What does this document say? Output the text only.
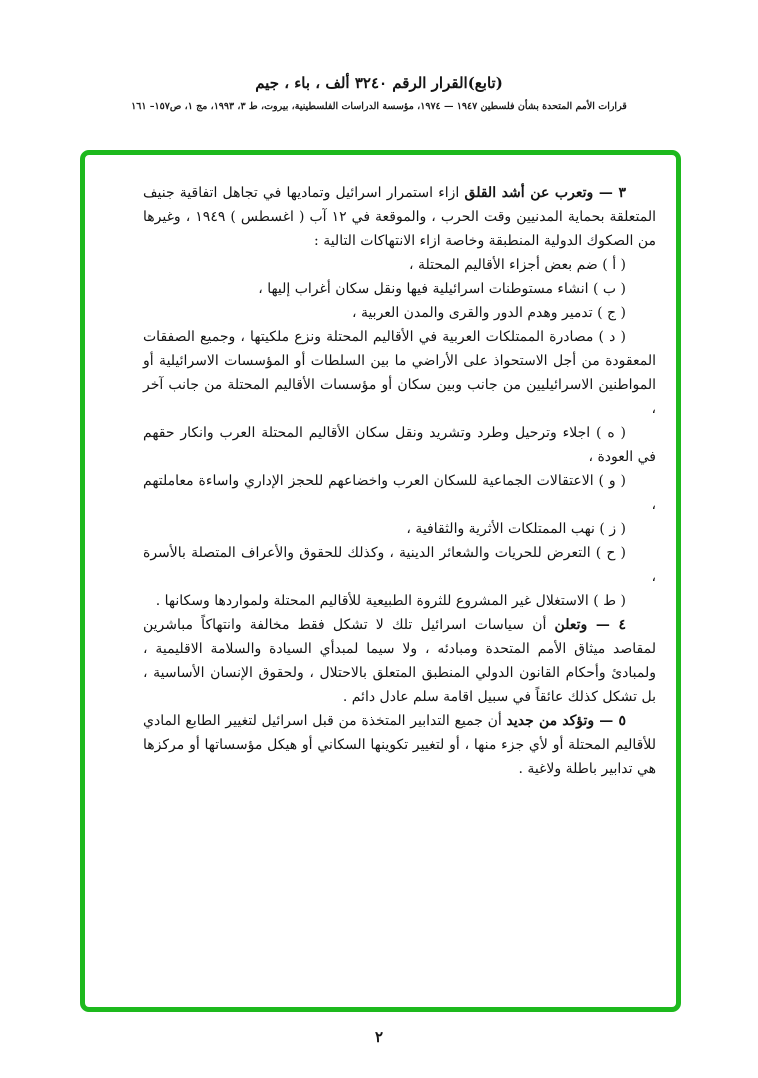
(تابع)القرار الرقم ٣٢٤٠ ألف ، باء ، جيم
قرارات الأمم المتحدة بشأن فلسطين ١٩٤٧ — ١٩٧٤، مؤسسة الدراسات الفلسطينية، بيروت، ط ٣، ١٩٩٣، مج ١، ص١٥٧– ١٦١

٣ — وتعرب عن أشد القلق ازاء استمرار اسرائيل وتماديها في تجاهل اتفاقية جنيف المتعلقة بحماية المدنيين وقت الحرب ، والموقعة في ١٢ آب ( اغسطس ) ١٩٤٩ ، وغيرها من الصكوك الدولية المنطبقة وخاصة ازاء الانتهاكات التالية :

( أ ) ضم بعض أجزاء الأقاليم المحتلة ،

( ب ) انشاء مستوطنات اسرائيلية فيها ونقل سكان أغراب إليها ،

( ج ) تدمير وهدم الدور والقرى والمدن العربية ،

( د ) مصادرة الممتلكات العربية في الأقاليم المحتلة ونزع ملكيتها ، وجميع الصفقات المعقودة من أجل الاستحواذ على الأراضي ما بين السلطات أو المؤسسات الاسرائيلية أو المواطنين الاسرائيليين من جانب وبين سكان أو مؤسسات الأقاليم المحتلة من جانب آخر ،

( ه ) اجلاء وترحيل وطرد وتشريد ونقل سكان الأقاليم المحتلة العرب وانكار حقهم في العودة ،

( و ) الاعتقالات الجماعية للسكان العرب واخضاعهم للحجز الإداري واساءة معاملتهم ،

( ز ) نهب الممتلكات الأثرية والثقافية ،

( ح ) التعرض للحريات والشعائر الدينية ، وكذلك للحقوق والأعراف المتصلة بالأسرة ،

( ط ) الاستغلال غير المشروع للثروة الطبيعية للأقاليم المحتلة ولمواردها وسكانها .

٤ — وتعلن أن سياسات اسرائيل تلك لا تشكل فقط مخالفة وانتهاكاً مباشرين لمقاصد ميثاق الأمم المتحدة ومبادئه ، ولا سيما لمبدأي السيادة والسلامة الاقليمية ، ولمبادئ وأحكام القانون الدولي المنطبق المتعلق بالاحتلال ، ولحقوق الإنسان الأساسية ، بل تشكل كذلك عائقاً في سبيل اقامة سلم عادل دائم .

٥ — وتؤكد من جديد أن جميع التدابير المتخذة من قبل اسرائيل لتغيير الطابع المادي للأقاليم المحتلة أو لأي جزء منها ، أو لتغيير تكوينها السكاني أو هيكل مؤسساتها أو مركزها هي تدابير باطلة ولاغية .

٢
